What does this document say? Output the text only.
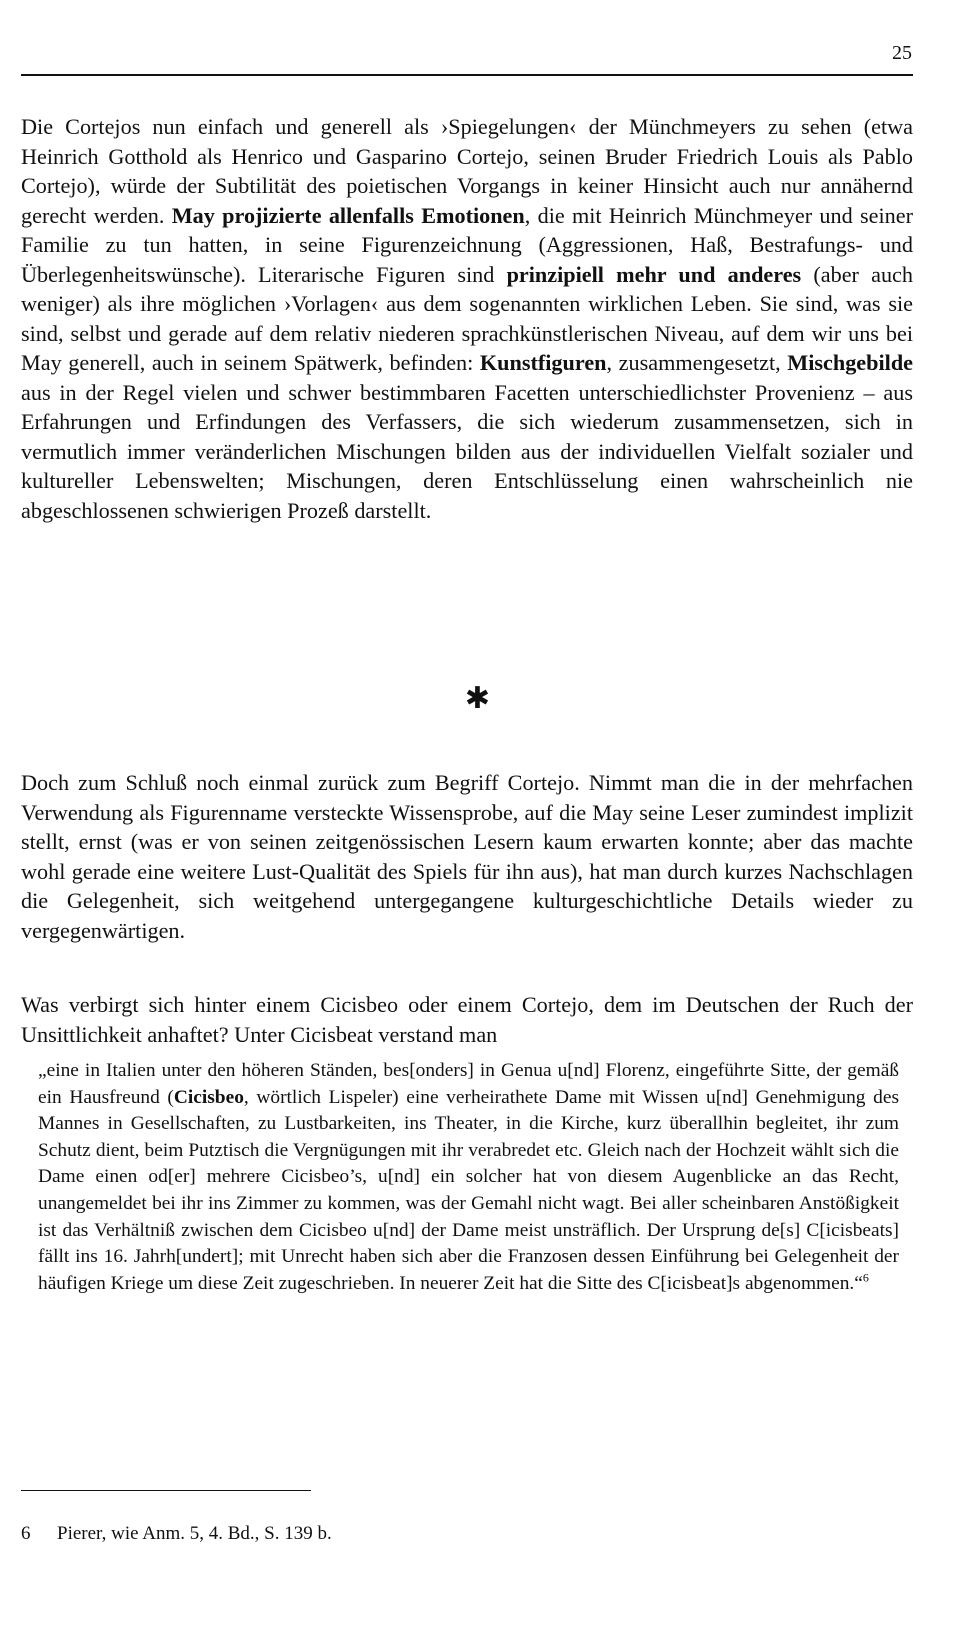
25

Die Cortejos nun einfach und generell als ›Spiegelungen‹ der Münchmeyers zu sehen (etwa Heinrich Gotthold als Henrico und Gasparino Cortejo, seinen Bruder Friedrich Louis als Pablo Cortejo), würde der Subtilität des poietischen Vorgangs in keiner Hinsicht auch nur annähernd gerecht werden. May projizierte allenfalls Emotionen, die mit Heinrich Münchmeyer und seiner Familie zu tun hatten, in seine Figurenzeichnung (Aggressionen, Haß, Bestrafungs- und Überlegenheitswünsche). Literarische Figuren sind prinzipiell mehr und anderes (aber auch weniger) als ihre möglichen ›Vorlagen‹ aus dem sogenannten wirklichen Leben. Sie sind, was sie sind, selbst und gerade auf dem relativ niederen sprachkünstlerischen Niveau, auf dem wir uns bei May generell, auch in seinem Spätwerk, befinden: Kunstfiguren, zusammengesetzt, Mischgebilde aus in der Regel vielen und schwer bestimmbaren Facetten unterschiedlichster Provenienz – aus Erfahrungen und Erfindungen des Verfassers, die sich wiederum zusammensetzen, sich in vermutlich immer veränderlichen Mischungen bilden aus der individuellen Vielfalt sozialer und kultureller Lebenswelten; Mischungen, deren Entschlüsselung einen wahrscheinlich nie abgeschlossenen schwierigen Prozeß darstellt.

✱

Doch zum Schluß noch einmal zurück zum Begriff Cortejo. Nimmt man die in der mehrfachen Verwendung als Figurenname versteckte Wissensprobe, auf die May seine Leser zumindest implizit stellt, ernst (was er von seinen zeitgenössischen Lesern kaum erwarten konnte; aber das machte wohl gerade eine weitere Lust-Qualität des Spiels für ihn aus), hat man durch kurzes Nachschlagen die Gelegenheit, sich weitgehend untergegangene kulturgeschichtliche Details wieder zu vergegenwärtigen.

Was verbirgt sich hinter einem Cicisbeo oder einem Cortejo, dem im Deutschen der Ruch der Unsittlichkeit anhaftet? Unter Cicisbeat verstand man

„eine in Italien unter den höheren Ständen, bes[onders] in Genua u[nd] Florenz, eingeführte Sitte, der gemäß ein Hausfreund (Cicisbeo, wörtlich Lispeler) eine verheirathete Dame mit Wissen u[nd] Genehmigung des Mannes in Gesellschaften, zu Lustbarkeiten, ins Theater, in die Kirche, kurz überallhin begleitet, ihr zum Schutz dient, beim Putztisch die Vergnügungen mit ihr verabredet etc. Gleich nach der Hochzeit wählt sich die Dame einen od[er] mehrere Cicisbeo’s, u[nd] ein solcher hat von diesem Augenblicke an das Recht, unangemeldet bei ihr ins Zimmer zu kommen, was der Gemahl nicht wagt. Bei aller scheinbaren Anstößigkeit ist das Verhältniß zwischen dem Cicisbeo u[nd] der Dame meist unsträflich. Der Ursprung de[s] C[icisbeats] fällt ins 16. Jahrh[undert]; mit Unrecht haben sich aber die Franzosen dessen Einführung bei Gelegenheit der häufigen Kriege um diese Zeit zugeschrieben. In neuerer Zeit hat die Sitte des C[icisbeat]s abgenommen.“$^6$

6 Pierer, wie Anm. 5, 4. Bd., S. 139 b.
